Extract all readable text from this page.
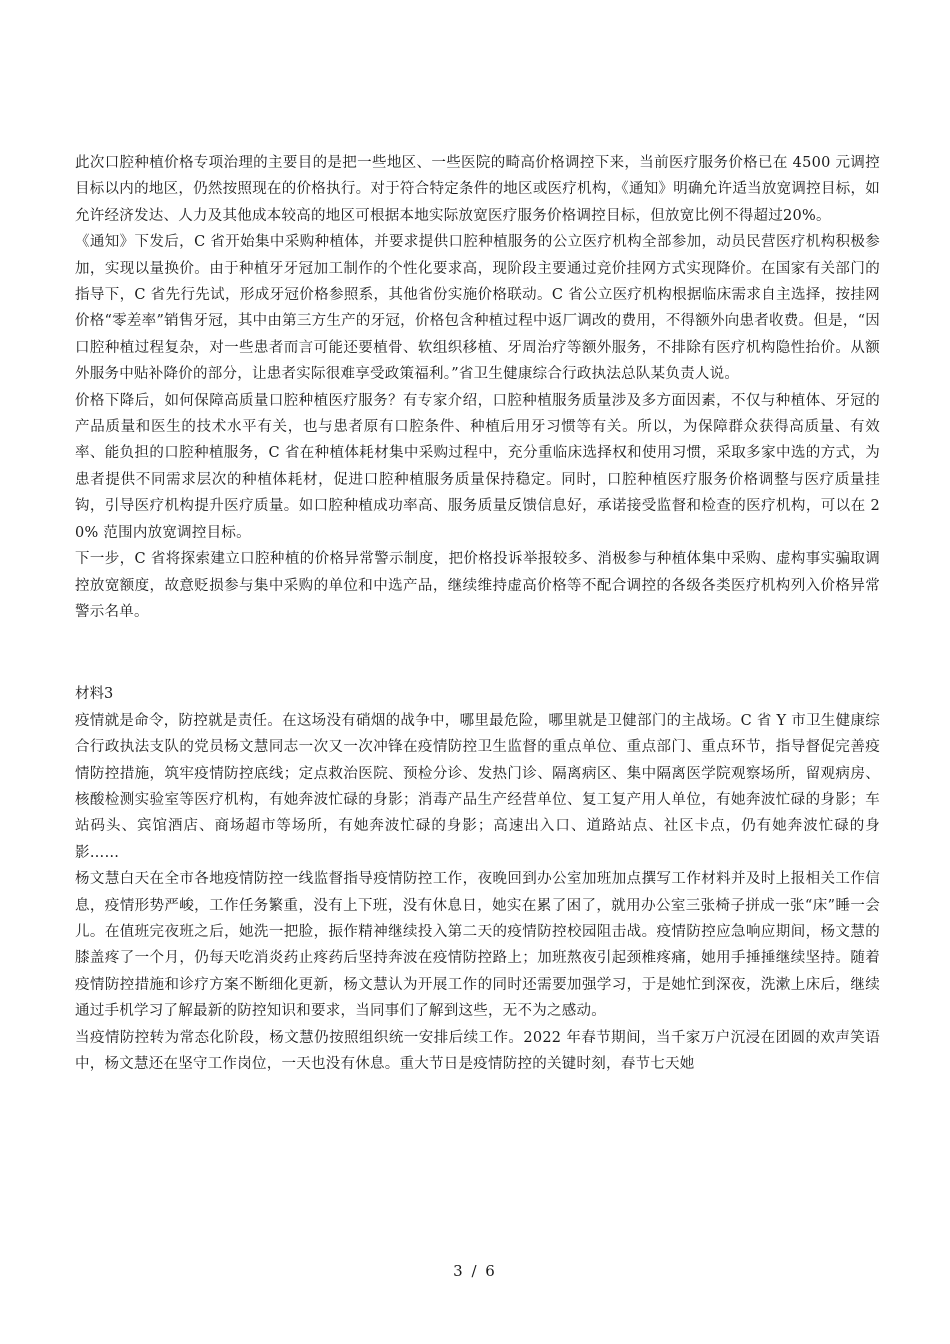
此次口腔种植价格专项治理的主要目的是把一些地区、一些医院的畸高价格调控下来，当前医疗服务价格已在 4500 元调控目标以内的地区，仍然按照现在的价格执行。对于符合特定条件的地区或医疗机构，《通知》明确允许适当放宽调控目标，如允许经济发达、人力及其他成本较高的地区可根据本地实际放宽医疗服务价格调控目标，但放宽比例不得超过20%。

《通知》下发后，C 省开始集中采购种植体，并要求提供口腔种植服务的公立医疗机构全部参加，动员民营医疗机构积极参加，实现以量换价。由于种植牙牙冠加工制作的个性化要求高，现阶段主要通过竞价挂网方式实现降价。在国家有关部门的指导下，C 省先行先试，形成牙冠价格参照系，其他省份实施价格联动。C 省公立医疗机构根据临床需求自主选择，按挂网价格“零差率”销售牙冠，其中由第三方生产的牙冠，价格包含种植过程中返厂调改的费用，不得额外向患者收费。但是，“因口腔种植过程复杂，对一些患者而言可能还要植骨、软组织移植、牙周治疗等额外服务，不排除有医疗机构隐性抬价。从额外服务中贴补降价的部分，让患者实际很难享受政策福利。”省卫生健康综合行政执法总队某负责人说。

价格下降后，如何保障高质量口腔种植医疗服务？有专家介绍，口腔种植服务质量涉及多方面因素，不仅与种植体、牙冠的产品质量和医生的技术水平有关，也与患者原有口腔条件、种植后用牙习惯等有关。所以，为保障群众获得高质量、有效率、能负担的口腔种植服务，C 省在种植体耗材集中采购过程中，充分重临床选择权和使用习惯，采取多家中选的方式，为患者提供不同需求层次的种植体耗材，促进口腔种植服务质量保持稳定。同时，口腔种植医疗服务价格调整与医疗质量挂钩，引导医疗机构提升医疗质量。如口腔种植成功率高、服务质量反馈信息好，承诺接受监督和检查的医疗机构，可以在 20% 范围内放宽调控目标。

下一步，C 省将探索建立口腔种植的价格异常警示制度，把价格投诉举报较多、消极参与种植体集中采购、虚构事实骗取调控放宽额度，故意贬损参与集中采购的单位和中选产品，继续维持虚高价格等不配合调控的各级各类医疗机构列入价格异常警示名单。

材料3

疫情就是命令，防控就是责任。在这场没有硝烟的战争中，哪里最危险，哪里就是卫健部门的主战场。C 省 Y 市卫生健康综合行政执法支队的党员杨文慧同志一次又一次冲锋在疫情防控卫生监督的重点单位、重点部门、重点环节，指导督促完善疫情防控措施，筑牢疫情防控底线；定点救治医院、预检分诊、发热门诊、隔离病区、集中隔离医学院观察场所，留观病房、核酸检测实验室等医疗机构，有她奔波忙碌的身影；消毒产品生产经营单位、复工复产用人单位，有她奔波忙碌的身影；车站码头、宾馆酒店、商场超市等场所，有她奔波忙碌的身影；高速出入口、道路站点、社区卡点，仍有她奔波忙碌的身影……

杨文慧白天在全市各地疫情防控一线监督指导疫情防控工作，夜晚回到办公室加班加点撰写工作材料并及时上报相关工作信息，疫情形势严峻，工作任务繁重，没有上下班，没有休息日，她实在累了困了，就用办公室三张椅子拼成一张“床”睡一会儿。在值班完夜班之后，她洗一把脸，振作精神继续投入第二天的疫情防控校园阻击战。疫情防控应急响应期间，杨文慧的膝盖疼了一个月，仍每天吃消炎药止疼药后坚持奔波在疫情防控路上；加班熬夜引起颈椎疼痛，她用手捶捶继续坚持。随着疫情防控措施和诊疗方案不断细化更新，杨文慧认为开展工作的同时还需要加强学习，于是她忙到深夜，洗漱上床后，继续通过手机学习了解最新的防控知识和要求，当同事们了解到这些，无不为之感动。

当疫情防控转为常态化阶段，杨文慧仍按照组织统一安排后续工作。2022 年春节期间，当千家万户沉浸在团圆的欢声笑语中，杨文慧还在坚守工作岗位，一天也没有休息。重大节日是疫情防控的关键时刻，春节七天她

3 / 6
